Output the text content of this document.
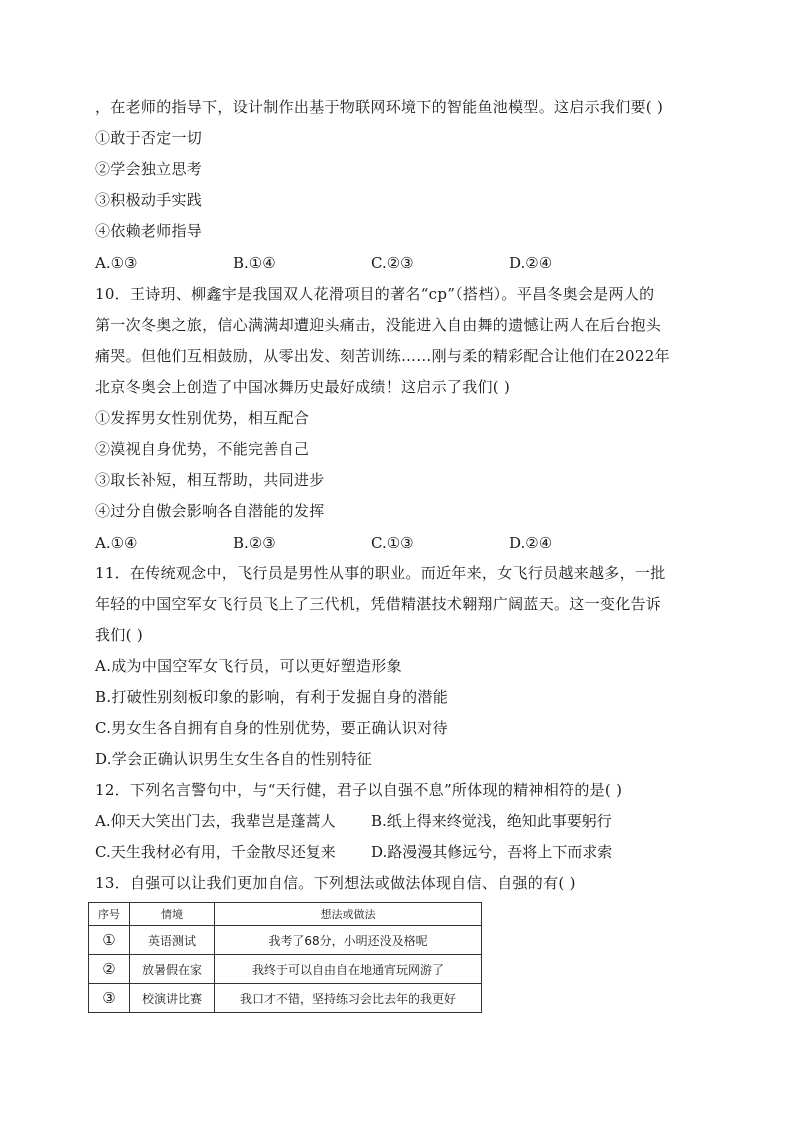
，在老师的指导下，设计制作出基于物联网环境下的智能鱼池模型。这启示我们要( )
①敢于否定一切
②学会独立思考
③积极动手实践
④依赖老师指导
A.①③	B.①④	C.②③	D.②④
10．王诗玥、柳鑫宇是我国双人花滑项目的著名“cp”（搭档）。平昌冬奥会是两人的
第一次冬奥之旅，信心满满却遭迎头痛击，没能进入自由舞的遗憾让两人在后台抱头
痛哭。但他们互相鼓励，从零出发、刻苦训练……刚与柔的精彩配合让他们在2022年
北京冬奥会上创造了中国冰舞历史最好成绩！这启示了我们( )
①发挥男女性别优势，相互配合
②漠视自身优势，不能完善自己
③取长补短，相互帮助，共同进步
④过分自傲会影响各自潜能的发挥
A.①④	B.②③	C.①③	D.②④
11．在传统观念中，飞行员是男性从事的职业。而近年来，女飞行员越来越多，一批
年轻的中国空军女飞行员飞上了三代机，凭借精湛技术翱翔广阔蓝天。这一变化告诉
我们( )
A.成为中国空军女飞行员，可以更好塑造形象
B.打破性别刻板印象的影响，有利于发掘自身的潜能
C.男女生各自拥有自身的性别优势，要正确认识对待
D.学会正确认识男生女生各自的性别特征
12．下列名言警句中，与“天行健，君子以自强不息”所体现的精神相符的是( )
A.仰天大笑出门去，我辈岂是蓬蒿人 B.纸上得来终觉浅，绝知此事要躬行
C.天生我材必有用，千金散尽还复来 D.路漫漫其修远兮，吾将上下而求索
13．自强可以让我们更加自信。下列想法或做法体现自信、自强的有( )
序号	情境	想法或做法
①	英语测试	我考了68分，小明还没及格呢
②	放暑假在家	我终于可以自由自在地通宵玩网游了
③	校演讲比赛	我口才不错，坚持练习会比去年的我更好
